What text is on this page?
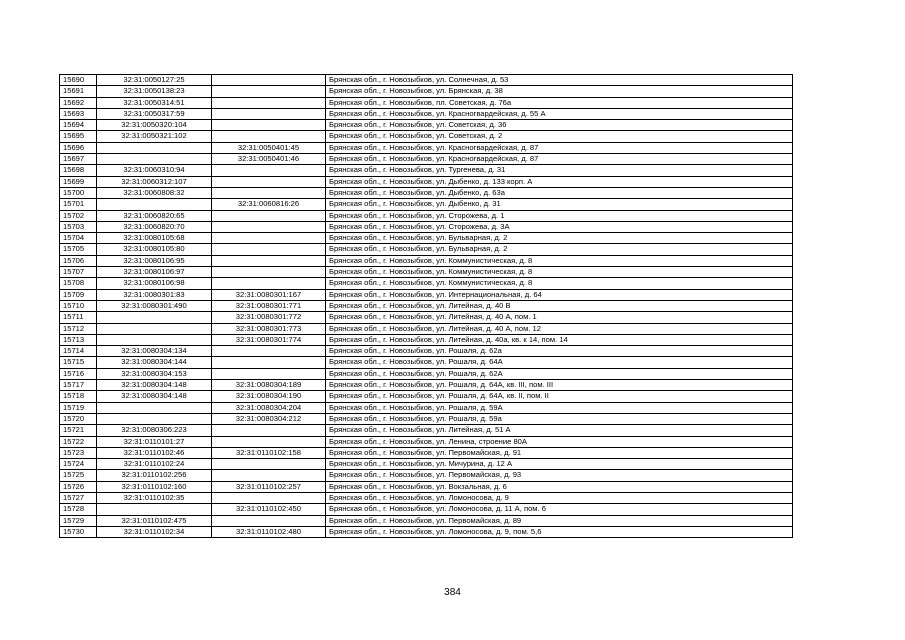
15690	32:31:0050127:25		Брянская обл., г. Новозыбков, ул. Солнечная, д. 53
15691	32:31:0050138:23		Брянская обл., г. Новозыбков, ул. Брянская, д. 38
15692	32:31:0050314:51		Брянская обл., г. Новозыбков, пл. Советская, д. 76а
15693	32:31:0050317:59		Брянская обл., г. Новозыбков, ул. Красногвардейская, д. 55 А
15694	32:31:0050320:104		Брянская обл., г. Новозыбков, ул. Советская, д. 36
15695	32:31:0050321:102		Брянская обл., г. Новозыбков, ул. Советская, д. 2
15696		32:31:0050401:45	Брянская обл., г. Новозыбков, ул. Красногвардейская, д. 87
15697		32:31:0050401:46	Брянская обл., г. Новозыбков, ул. Красногвардейская, д. 87
15698	32:31:0060310:94		Брянская обл., г. Новозыбков, ул. Тургенева, д. 31
15699	32:31:0060312:107		Брянская обл., г. Новозыбков, ул. Дыбенко, д. 133 корп. А
15700	32:31:0060808:32		Брянская обл., г. Новозыбков, ул. Дыбенко, д. 63а
15701		32:31:0060816:26	Брянская обл., г. Новозыбков, ул. Дыбенко, д. 31
15702	32:31:0060820:65		Брянская обл., г. Новозыбков, ул. Сторожева, д. 1
15703	32:31:0060820:70		Брянская обл., г. Новозыбков, ул. Сторожева, д. 3А
15704	32:31:0080105:68		Брянская обл., г. Новозыбков, ул. Бульварная, д. 2
15705	32:31:0080105:80		Брянская обл., г. Новозыбков, ул. Бульварная, д. 2
15706	32:31:0080106:95		Брянская обл., г. Новозыбков, ул. Коммунистическая, д. 8
15707	32:31:0080106:97		Брянская обл., г. Новозыбков, ул. Коммунистическая, д. 8
15708	32:31:0080106:98		Брянская обл., г. Новозыбков, ул. Коммунистическая, д. 8
15709	32:31:0080301:83	32:31:0080301:167	Брянская обл., г. Новозыбков, ул. Интернациональная, д. 64
15710	32:31:0080301:490	32:31:0080301:771	Брянская обл., г. Новозыбков, ул. Литейная, д. 40 В
15711		32:31:0080301:772	Брянская обл., г. Новозыбков, ул. Литейная, д. 40 А, пом. 1
15712		32:31:0080301:773	Брянская обл., г. Новозыбков, ул. Литейная, д. 40 А, пом. 12
15713		32:31:0080301:774	Брянская обл., г. Новозыбков, ул. Литейная, д. 40а, кв. к 14, пом. 14
15714	32:31:0080304:134		Брянская обл., г. Новозыбков, ул. Рошаля, д. 62а
15715	32:31:0080304:144		Брянская обл., г. Новозыбков, ул. Рошаля, д. 64А
15716	32:31:0080304:153		Брянская обл., г. Новозыбков, ул. Рошаля, д. 62А
15717	32:31:0080304:148	32:31:0080304:189	Брянская обл., г. Новозыбков, ул. Рошаля, д. 64А, кв. III, пом. III
15718	32:31:0080304:148	32:31:0080304:190	Брянская обл., г. Новозыбков, ул. Рошаля, д. 64А, кв. II, пом. II
15719		32:31:0080304:204	Брянская обл., г. Новозыбков, ул. Рошаля, д. 59А
15720		32:31:0080304:212	Брянская обл., г. Новозыбков, ул. Рошаля, д. 59а
15721	32:31:0080306:223		Брянская обл., г. Новозыбков, ул. Литейная, д. 51 А
15722	32:31:0110101:27		Брянская обл., г. Новозыбков, ул. Ленина, строение 80А
15723	32:31:0110102:46	32:31:0110102:158	Брянская обл., г. Новозыбков, ул. Первомайская, д. 91
15724	32:31:0110102:24		Брянская обл., г. Новозыбков, ул. Мичурина, д. 12 А
15725	32:31:0110102:256		Брянская обл., г. Новозыбков, ул. Первомайская, д. 93
15726	32:31:0110102:160	32:31:0110102:257	Брянская обл., г. Новозыбков, ул. Вокзальная, д. 6
15727	32:31:0110102:35		Брянская обл., г. Новозыбков, ул. Ломоносова, д. 9
15728		32:31:0110102:450	Брянская обл., г. Новозыбков, ул. Ломоносова, д. 11 А, пом. 6
15729	32:31:0110102:475		Брянская обл., г. Новозыбков, ул. Первомайская, д. 89
15730	32:31:0110102:34	32:31:0110102:480	Брянская обл., г. Новозыбков, ул. Ломоносова, д. 9, пом. 5,6
384
